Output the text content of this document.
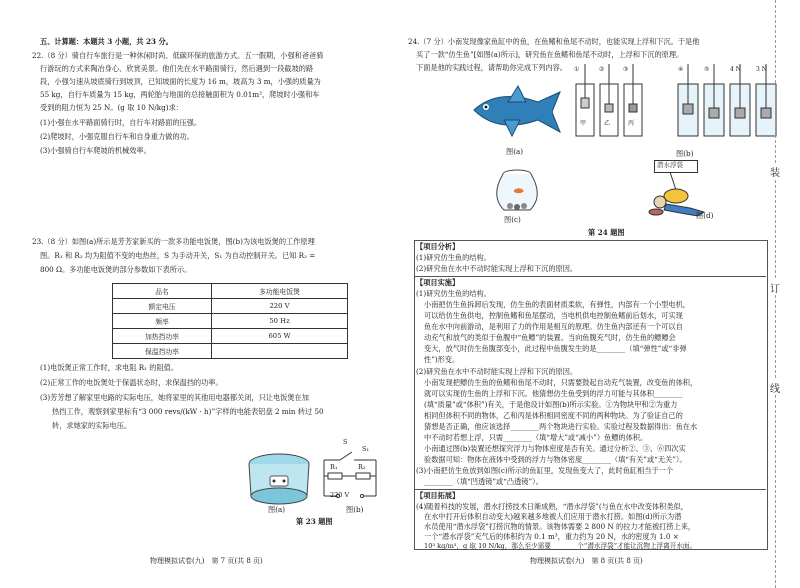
五、计算题：本题共 3 小题，共 23 分。
22.（8 分）骑自行车旅行是一种休闲时尚、低碳环保的旅游方式。五一假期，小强和爸爸骑
行游玩的方式来陶冶身心、欣赏美景。他们先在水平路面骑行，然后遇到一段截坡的路
段，小强匀速从坡底骑行到坡顶，已知坡面的长度为 16 m，坡高为 3 m，小强的质量为
55 kg，自行车质量为 15 kg，两轮胎与地面的总接触面积为 0.01m²，爬坡时小强和车
受到的阻力恒为 25 N。(g 取 10 N/kg)求：
(1)小强在水平路面骑行时，自行车对路面的压强。
(2)爬坡时，小强克服自行车和自身重力做的功。
(3)小强骑自行车爬坡的机械效率。
23.（8 分）如图(a)所示是芳芳家新买的一款多功能电饭煲，图(b)为该电饭煲的工作原理
图。R₁ 和 R₂ 均为阻值不变的电热丝，S 为手动开关，S₁ 为自动控制开关。已知 R₂ =
800 Ω。多功能电饭煲的部分参数如下表所示。
品名	多功能电饭煲
额定电压	220 V
频率	50 Hz
加热挡功率	605 W
保温挡功率	
(1)电饭煲正常工作时，求电阻 R₁ 的阻值。
(2)正常工作的电饭煲处于保温状态时，求保温挡的功率。
(3)芳芳想了解家里电路的实际电压，她将家里的其他用电器都关闭，只让电饭煲在加
热挡工作，观察到家里标有“3 000 revs/(kW · h)”字样的电能表铝盘 2 min 转过 50
转，求她家的实际电压。
图(a)
S
R₁	R₂
S₁
220 V
图(b)
第 23 题图
物理模拟试卷(九)　第 7 页(共 8 页)
24.（7 分）小南发现像家鱼缸中的鱼，在鱼鳍和鱼尾不动时，也能实现上浮和下沉。于是他
买了一款“仿生鱼”[如图(a)所示]，研究鱼在鱼鳍和鱼尾不动时，上浮和下沉的原理。
下面是他的实践过程，请帮助你完成下列内容。
图(a)
图(c)
①	②	③	④	⑤	4 N	3 N
甲	乙	丙
图(b)
潜水浮袋
图(d)
第 24 题图
【项目分析】
(1)研究仿生鱼的结构。
(2)研究鱼在水中不动时能实现上浮和下沉的原因。
【项目实施】
(1)研究仿生鱼的结构。
小南把仿生鱼拆卸后发现，仿生鱼的表面材质柔软，有弹性，内部有一个小型电机，
可以给仿生鱼供电，控制鱼鳍和鱼尾摆动，当电机供电控制鱼鳍前后划水，可实现
鱼在水中向前游动，是利用了力的作用是相互的原理。仿生鱼内部还有一个可以自
动充气和放气的类似于鱼腹中“鱼鳔”的装置。当向鱼腹充气时，仿生鱼的鳔鳔会
变大，放气时仿生鱼腹部变小，此过程中鱼腹发生的是________（填“弹性”或“非弹
性”)形变。
(2)研究鱼在水中不动时能实现上浮和下沉的原因。
小南发现把鳔仿生鱼的鱼鳍和鱼尾不动时，只需要鼓起自动充气装置，改变鱼的体积，
就可以实现仿生鱼的上浮和下沉。他猜想仿生鱼受到的浮力可能与其体积________
(填“质量”或“体积”)有关，于是他设计如图(b)所示实验。①为物块甲和②为重力
相同但体积不同的物体，乙和丙是体积相同密度不同的两种物块。为了验证自己的
猜想是否正确，他应该选择________两个物块进行实验。实验过程及数据得出：鱼在水
中不动时若想上浮，只需________（填“增大”或“减小”）鱼鳔的体积。
小南通过图(b)装置还想探究浮力与物体密度是否有关。通过分析②、③、⑥四次实
验数据可知：物体在液体中受到的浮力与物体密度________（填“有关”或“无关”）。
(3)小南把仿生鱼放到如图(c)所示的鱼缸里，发现鱼变大了，此时鱼缸相当于一个
________（填“凹透镜”或“凸透镜”）。
【项目拓展】
(4)随着科技的发展，潜水打捞技术日渐成熟，“潜水浮袋”(与鱼在水中改变体积类似，
在水中打开后体积自动变大)越来越多地被人们应用于潜水打捞。如图(d)所示为潜
水员使用“潜水浮袋”打捞沉物的情景。该物体需要 2 800 N 的拉力才能被打捞上来，
一个“潜水浮袋”充气后的体积约为 0.1 m³，重力约为 20 N，水的密度为 1.0 ×
10³ kg/m³，g 取 10 N/kg，那么至少需要________个“潜水浮袋”才能让沉物上浮离开水面。
物理模拟试卷(九)　第 8 页(共 8 页)
装
订
线
